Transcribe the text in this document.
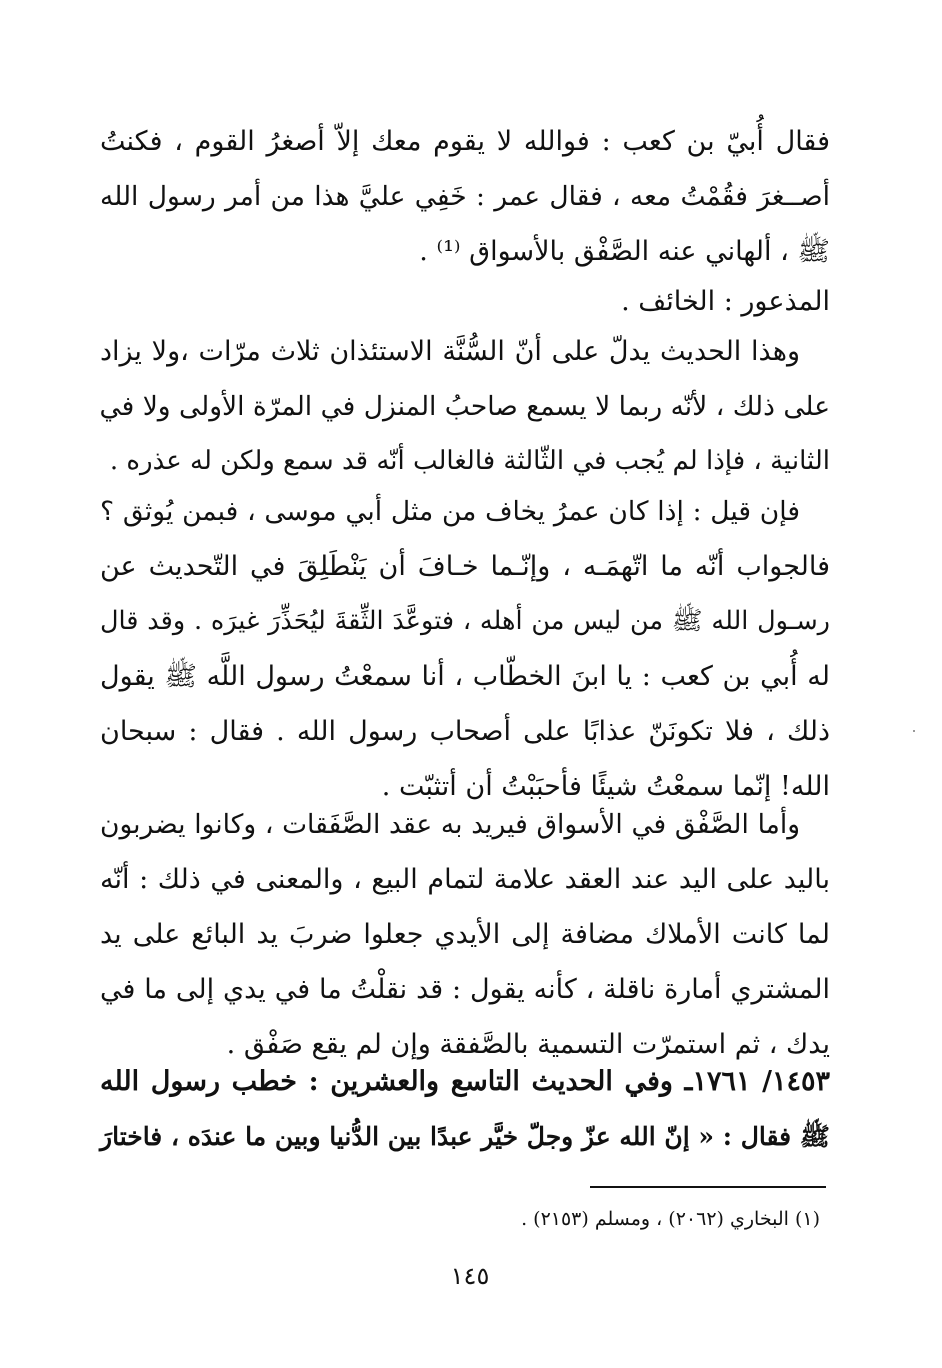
فقال أُبيّ بن كعب : فوالله لا يقوم معك إلاّ أصغرُ القوم ، فكنتُ
أصــغرَ فقُمْتُ معه ، فقال عمر : خَفِي عليَّ هذا من أمر رسول الله
ﷺ ، ألهاني عنه الصَّفْق بالأسواق ⁽¹⁾ .
المذعور : الخائف .
وهذا الحديث يدلّ على أنّ السُّنَّة الاستئذان ثلاث مرّات ،ولا يزاد
على ذلك ، لأنّه ربما لا يسمع صاحبُ المنزل في المرّة الأولى ولا في
الثانية ، فإذا لم يُجب في الثّالثة فالغالب أنّه قد سمع ولكن له عذره .
فإن قيل : إذا كان عمرُ يخاف من مثل أبي موسى ، فبمن يُوثق ؟
فالجواب أنّه ما اتّهمَـه ، وإنّـما خـافَ أن يَنْطَلِقَ في التّحديث عن
رسـول الله ﷺ من ليس من أهله ، فتوعَّدَ الثِّقةَ ليُحَذِّرَ غيرَه . وقد قال
له أُبي بن كعب : يا ابنَ الخطّاب ، أنا سمعْتُ رسول اللَّه ﷺ يقول
ذلك ، فلا تكونَنّ عذابًا على أصحاب رسول الله . فقال : سبحان
الله! إنّما سمعْتُ شيئًا فأحبَبْتُ أن أتثبّت .
وأما الصَّفْق في الأسواق فيريد به عقد الصَّفَقات ، وكانوا يضربون
باليد على اليد عند العقد علامة لتمام البيع ، والمعنى في ذلك : أنّه
لما كانت الأملاك مضافة إلى الأيدي جعلوا ضربَ يد البائع على يد
المشتري أمارة ناقلة ، كأنه يقول : قد نقلْتُ ما في يدي إلى ما في
يدك ، ثم استمرّت التسمية بالصَّفقة وإن لم يقع صَفْق .
١٤٥٣/ ١٧٦١ـ وفي الحديث التاسع والعشرين : خطب رسول الله
ﷺ فقال : « إنّ الله عزّ وجلّ خيَّر عبدًا بين الدُّنيا وبين ما عندَه ، فاختارَ
(١) البخاري (٢٠٦٢) ، ومسلم (٢١٥٣) .
١٤٥
